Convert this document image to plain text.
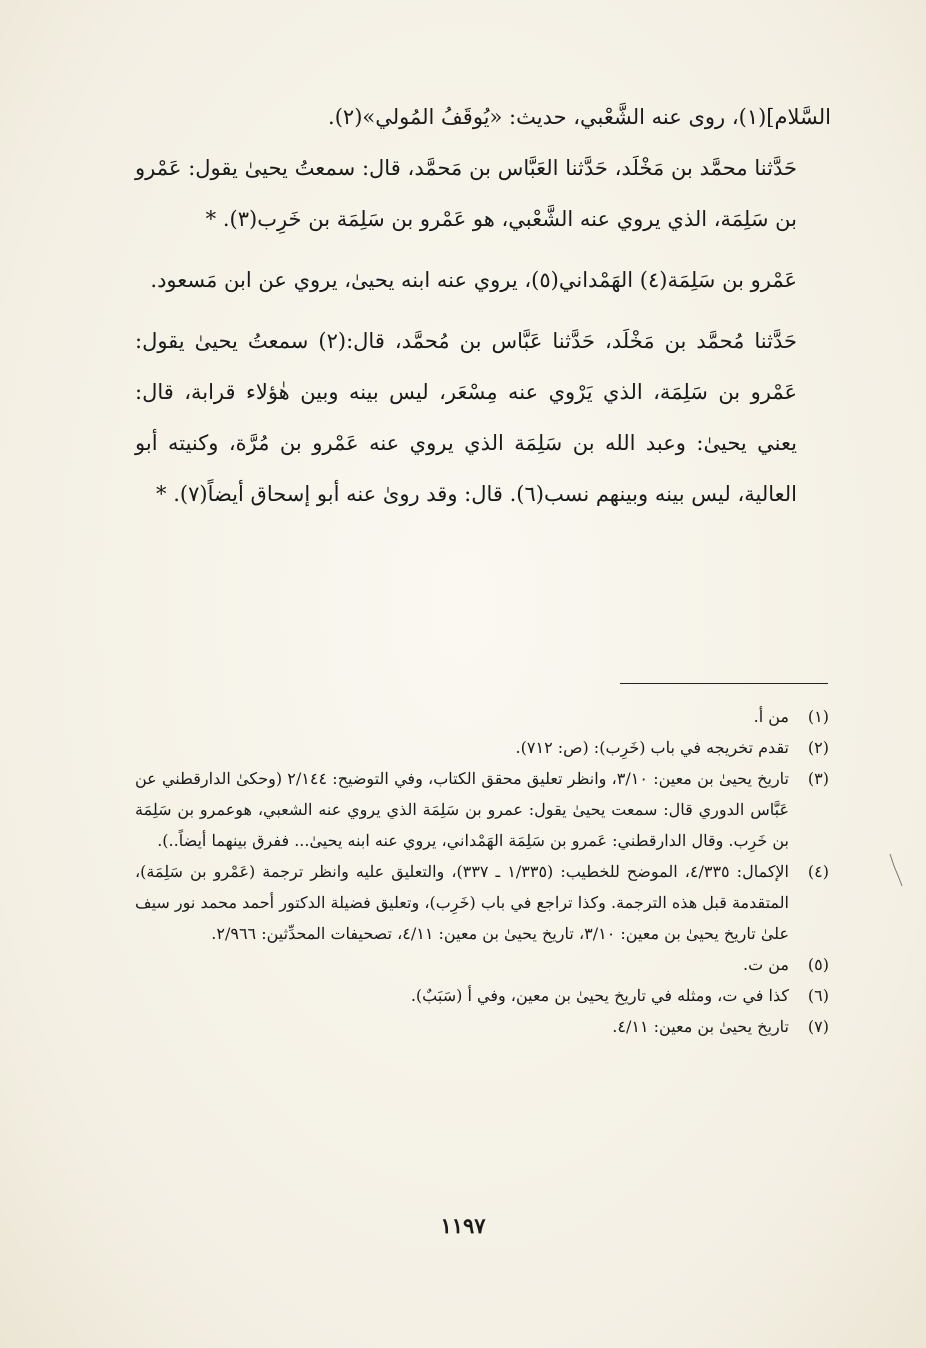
السَّلام](١)، روى عنه الشَّعْبي، حديث: «يُوقَفُ المُولي»(٢).

حَدَّثنا محمَّد بن مَخْلَد، حَدَّثنا العَبَّاس بن مَحمَّد، قال: سمعتُ يحيىٰ يقول: عَمْرو بن سَلِمَة، الذي يروي عنه الشَّعْبي، هو عَمْرو بن سَلِمَة بن خَرِب(٣). *

عَمْرو بن سَلِمَة(٤) الهَمْداني(٥)، يروي عنه ابنه يحيىٰ، يروي عن ابن مَسعود.

حَدَّثنا مُحمَّد بن مَخْلَد، حَدَّثنا عَبَّاس بن مُحمَّد، قال:(٢) سمعتُ يحيىٰ يقول: عَمْرو بن سَلِمَة، الذي يَرْوي عنه مِسْعَر، ليس بينه وبين هٰؤلاء قرابة، قال: يعني يحيىٰ: وعبد الله بن سَلِمَة الذي يروي عنه عَمْرو بن مُرَّة، وكنيته أبو العالية، ليس بينه وبينهم نسب(٦). قال: وقد روىٰ عنه أبو إسحاق أيضاً(٧). *

(١)
من أ.
(٢)
تقدم تخريجه في باب (خَرِب): (ص: ٧١٢).
(٣)
تاريخ يحيىٰ بن معين: ٣/١٠، وانظر تعليق محقق الكتاب، وفي التوضيح: ٢/١٤٤ (وحكىٰ الدارقطني عن عَبَّاس الدوري قال: سمعت يحيىٰ يقول: عمرو بن سَلِمَة الذي يروي عنه الشعبي، هوعمرو بن سَلِمَة بن خَرِب. وقال الدارقطني: عَمرو بن سَلِمَة الهَمْداني، يروي عنه ابنه يحيىٰ... ففرق بينهما أيضاً..).
(٤)
الإكمال: ٤/٣٣٥، الموضح للخطيب: (١/٣٣٥ ـ ٣٣٧)، والتعليق عليه وانظر ترجمة (عَمْرو بن سَلِمَة)، المتقدمة قبل هذه الترجمة. وكذا تراجع في باب (خَرِب)، وتعليق فضيلة الدكتور أحمد محمد نور سيف علىٰ تاريخ يحيىٰ بن معين: ٣/١٠، تاريخ يحيىٰ بن معين: ٤/١١، تصحيفات المحدِّثين: ٢/٩٦٦.
(٥)
من ت.
(٦)
كذا في ت، ومثله في تاريخ يحيىٰ بن معين، وفي أ (سَبَبٌ).
(٧)
تاريخ يحيىٰ بن معين: ٤/١١.
١١٩٧
